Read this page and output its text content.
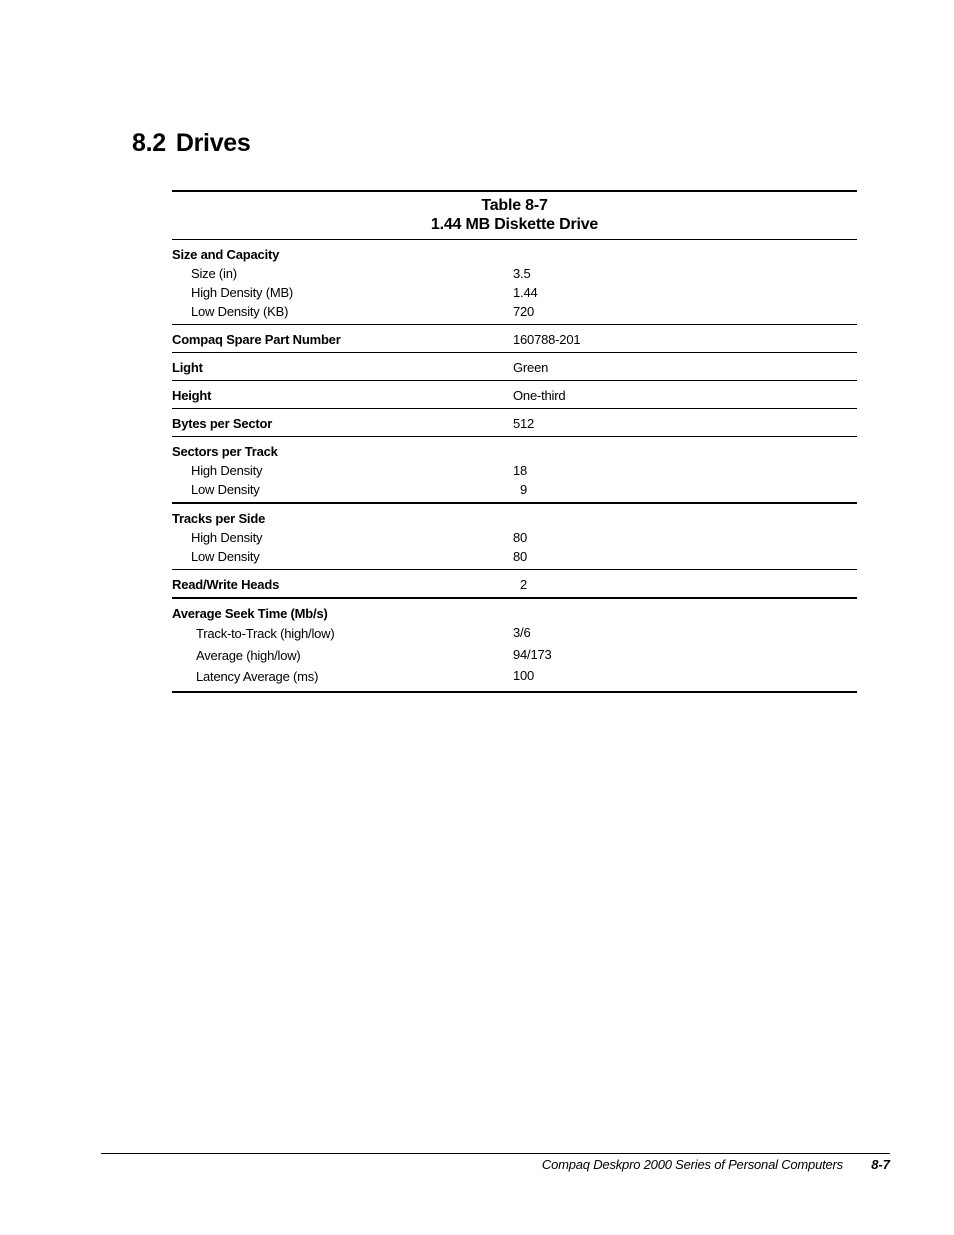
8.2 Drives
Table 8-7
1.44 MB Diskette Drive
Size and Capacity
Size (in)	3.5
High Density (MB)	1.44
Low Density (KB)	720
Compaq Spare Part Number	160788-201
Light	Green
Height	One-third
Bytes per Sector	512
Sectors per Track
High Density	18
Low Density	9
Tracks per Side
High Density	80
Low Density	80
Read/Write Heads	2
Average Seek Time (Mb/s)
Track-to-Track (high/low)	3/6
Average (high/low)	94/173
Latency Average (ms)	100
Compaq Deskpro 2000 Series of Personal Computers 8-7
